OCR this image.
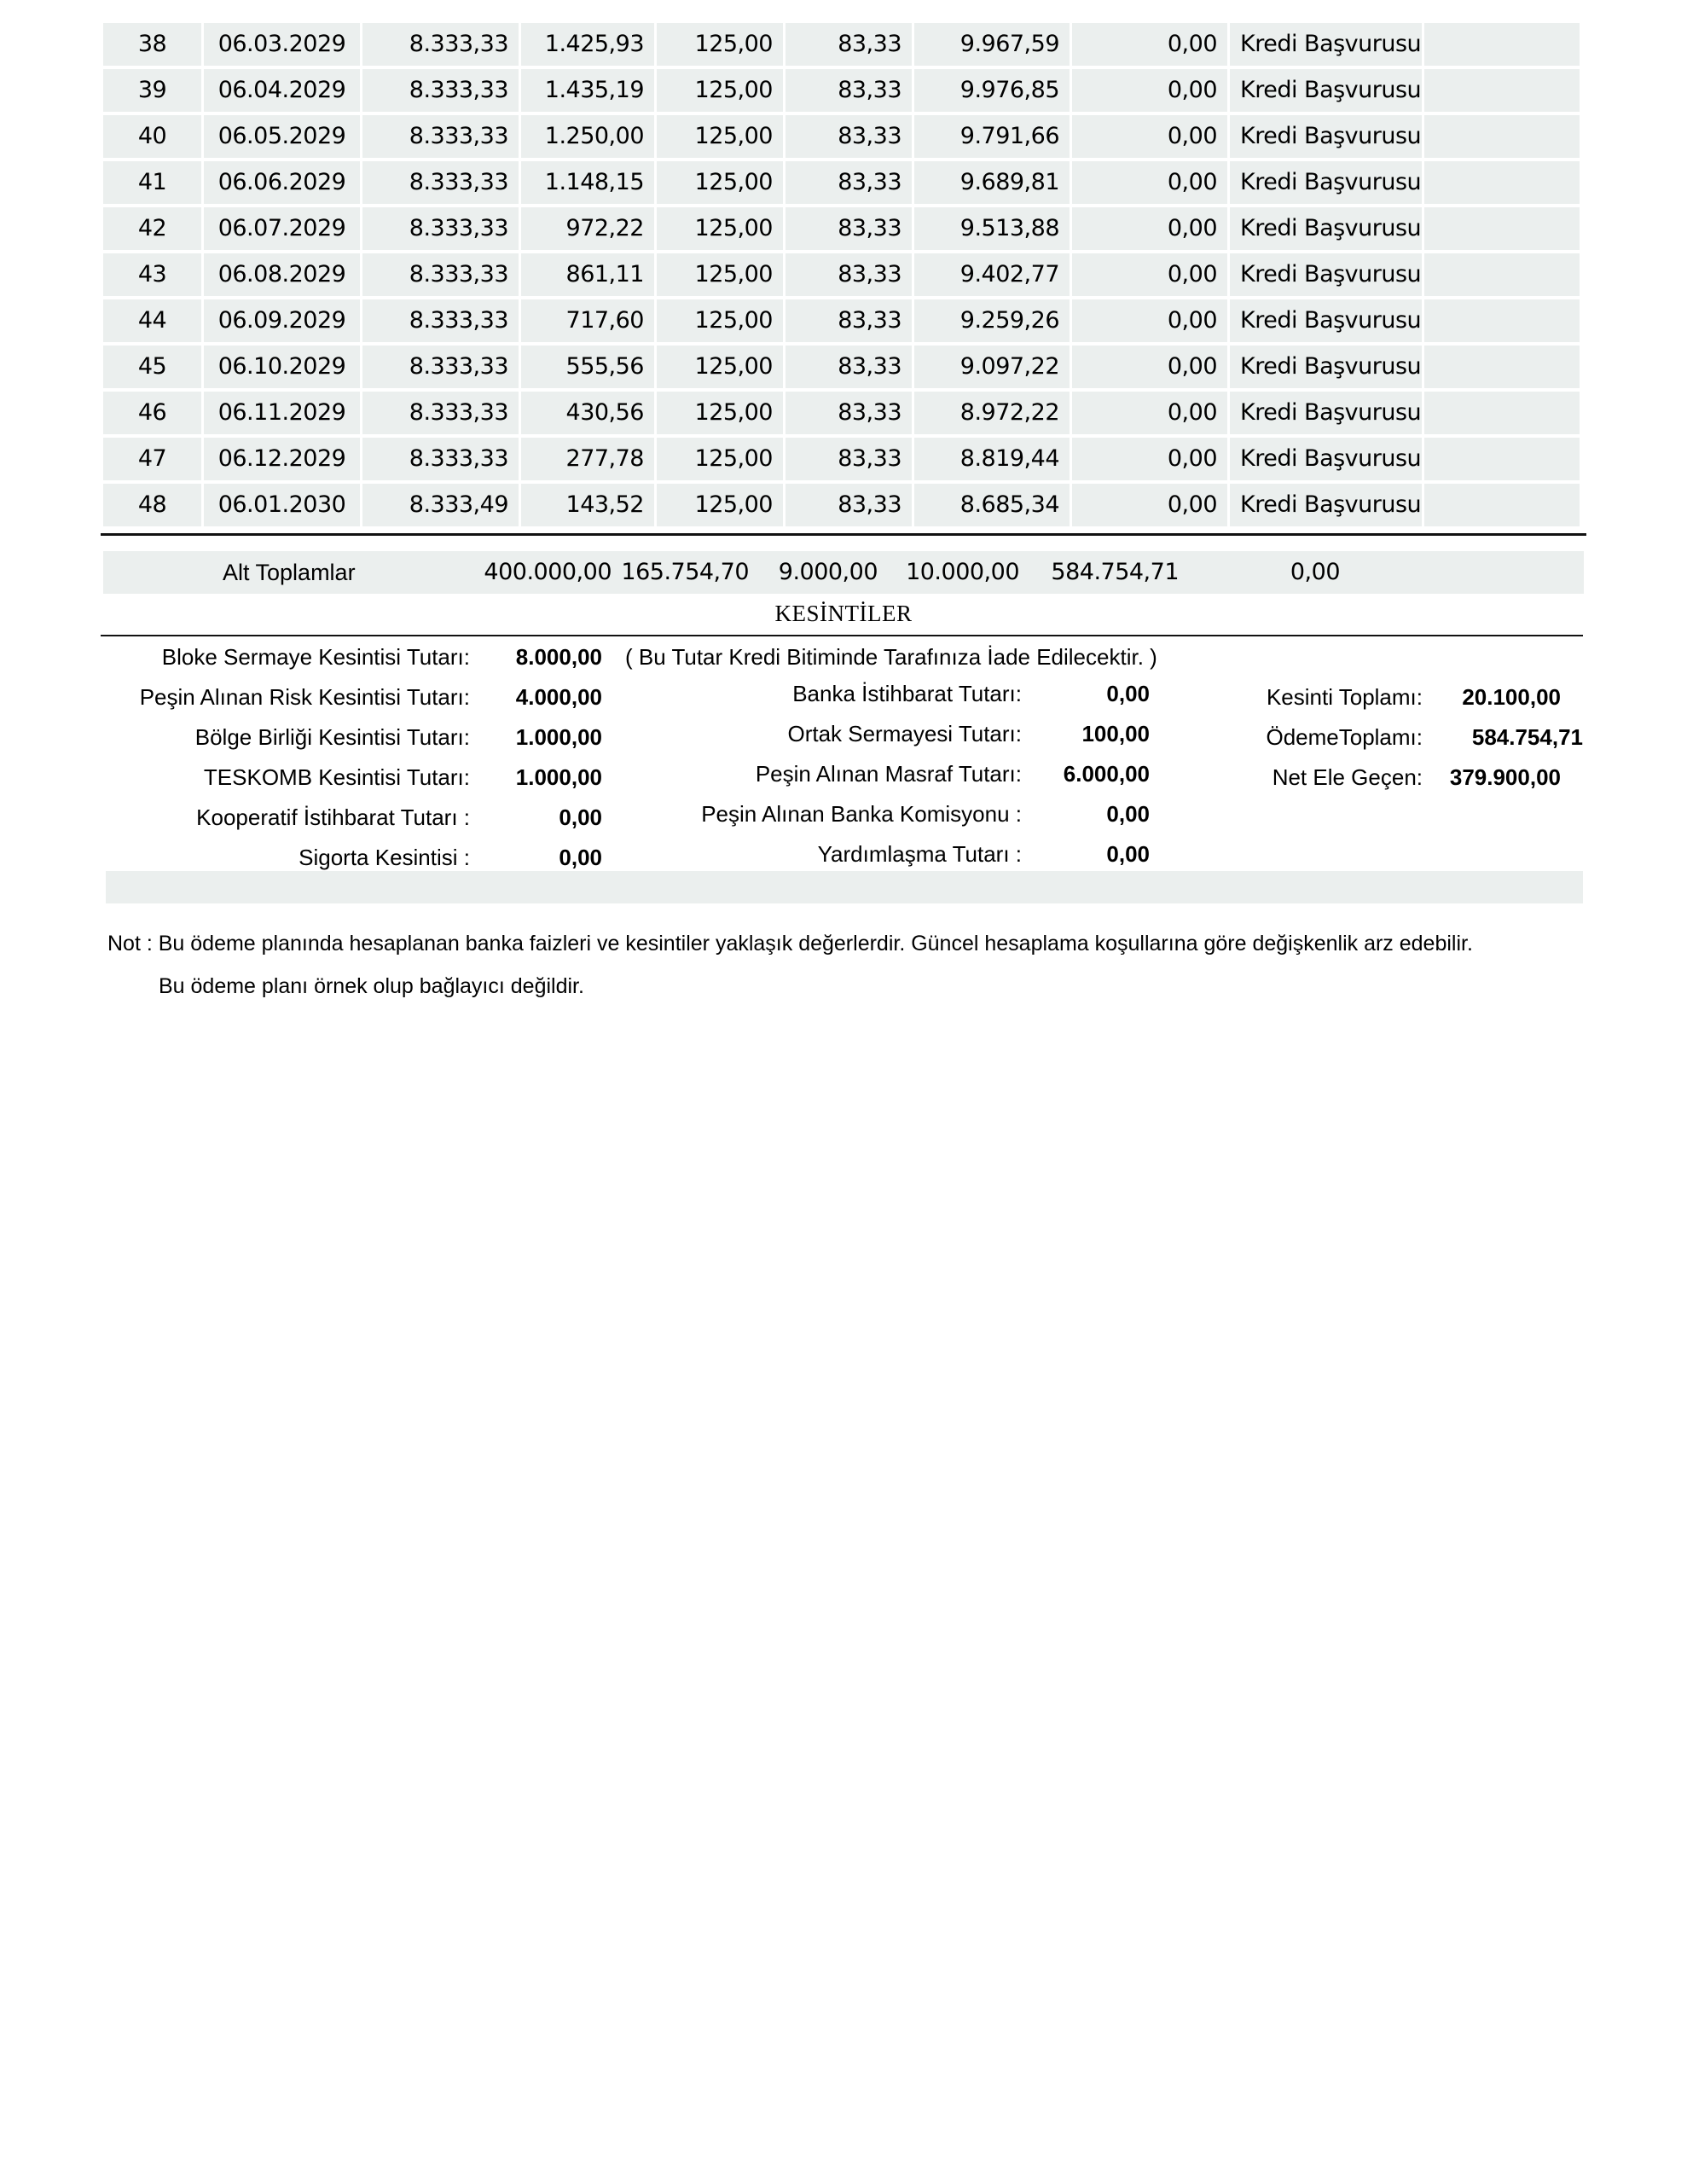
38	06.03.2029	8.333,33	1.425,93	125,00	83,33	9.967,59	0,00	Kredi Başvurusu
39	06.04.2029	8.333,33	1.435,19	125,00	83,33	9.976,85	0,00	Kredi Başvurusu
40	06.05.2029	8.333,33	1.250,00	125,00	83,33	9.791,66	0,00	Kredi Başvurusu
41	06.06.2029	8.333,33	1.148,15	125,00	83,33	9.689,81	0,00	Kredi Başvurusu
42	06.07.2029	8.333,33	972,22	125,00	83,33	9.513,88	0,00	Kredi Başvurusu
43	06.08.2029	8.333,33	861,11	125,00	83,33	9.402,77	0,00	Kredi Başvurusu
44	06.09.2029	8.333,33	717,60	125,00	83,33	9.259,26	0,00	Kredi Başvurusu
45	06.10.2029	8.333,33	555,56	125,00	83,33	9.097,22	0,00	Kredi Başvurusu
46	06.11.2029	8.333,33	430,56	125,00	83,33	8.972,22	0,00	Kredi Başvurusu
47	06.12.2029	8.333,33	277,78	125,00	83,33	8.819,44	0,00	Kredi Başvurusu
48	06.01.2030	8.333,49	143,52	125,00	83,33	8.685,34	0,00	Kredi Başvurusu
Alt Toplamlar	400.000,00 165.754,70	9.000,00	10.000,00	584.754,71	0,00
KESİNTİLER
Bloke Sermaye Kesintisi Tutarı: 8.000,00
Peşin Alınan Risk Kesintisi Tutarı: 4.000,00
Bölge Birliği Kesintisi Tutarı: 1.000,00
TESKOMB Kesintisi Tutarı: 1.000,00
Kooperatif İstihbarat Tutarı :	0,00
Sigorta Kesintisi :	0,00
( Bu Tutar Kredi Bitiminde Tarafınıza İade Edilecektir. )
Banka İstihbarat Tutarı:	0,00
Ortak Sermayesi Tutarı:	100,00
Peşin Alınan Masraf Tutarı: 6.000,00
Peşin Alınan Banka Komisyonu :	0,00
Yardımlaşma Tutarı :	0,00
Kesinti Toplamı: 20.100,00
ÖdemeToplamı: 584.754,71
Net Ele Geçen: 379.900,00
Not : Bu ödeme planında hesaplanan banka faizleri ve kesintiler yaklaşık değerlerdir. Güncel hesaplama koşullarına göre değişkenlik arz edebilir.
Bu ödeme planı örnek olup bağlayıcı değildir.
